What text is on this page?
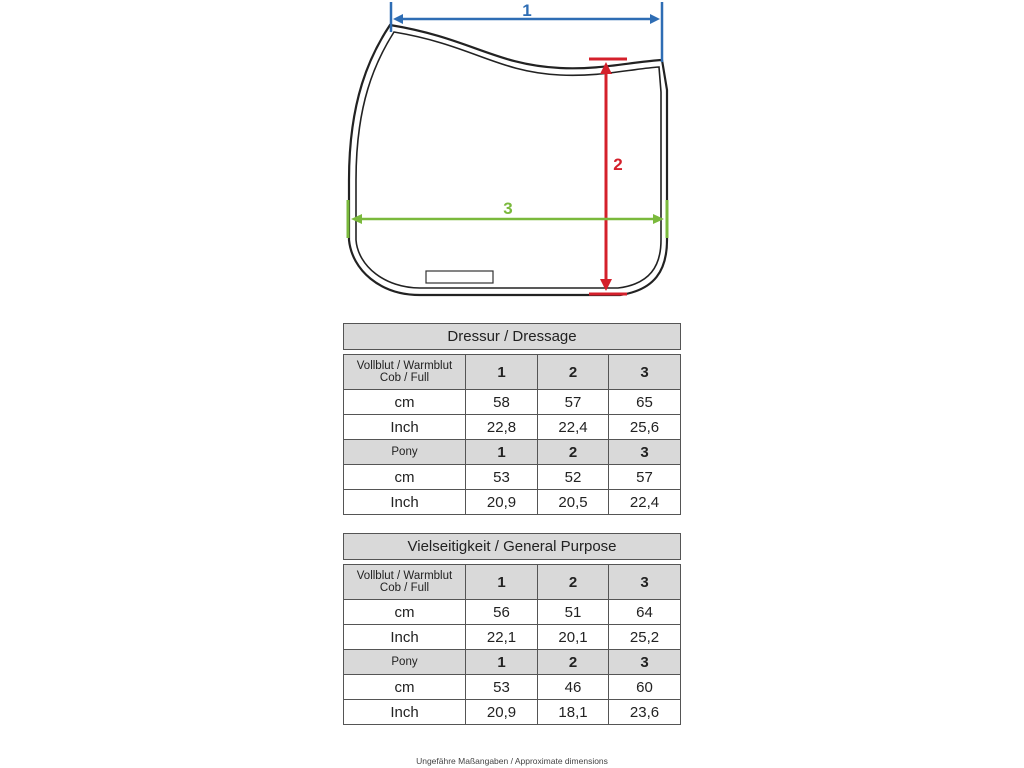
1
2
3
Dressur / Dressage			

Vollblut / Warmblut
Cob / Full	1	2	3
cm	58	57	65
Inch	22,8	22,4	25,6
Pony	1	2	3
cm	53	52	57
Inch	20,9	20,5	22,4
Vielseitigkeit / General Purpose			

Vollblut / Warmblut
Cob / Full	1	2	3
cm	56	51	64
Inch	22,1	20,1	25,2
Pony	1	2	3
cm	53	46	60
Inch	20,9	18,1	23,6
Ungefähre Maßangaben / Approximate dimensions
